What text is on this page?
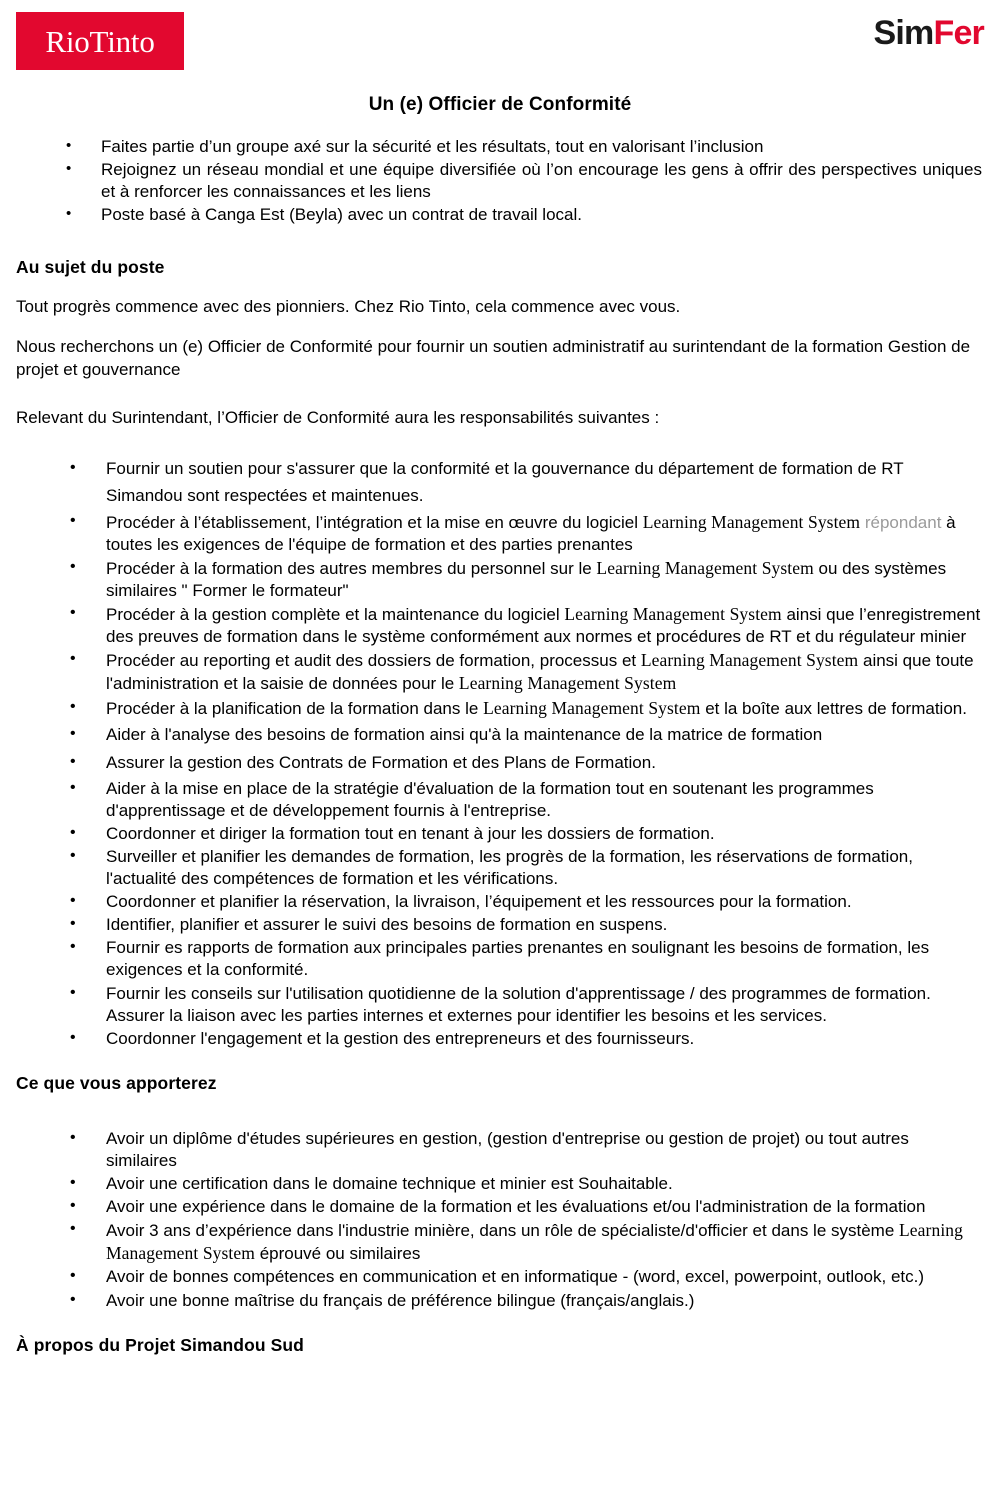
RioTinto	SimFer
Un (e) Officier de Conformité
• Faites partie d’un groupe axé sur la sécurité et les résultats, tout en valorisant l’inclusion
• Rejoignez un réseau mondial et une équipe diversifiée où l’on encourage les gens à offrir des perspectives uniques et à renforcer les connaissances et les liens
• Poste basé à Canga Est (Beyla) avec un contrat de travail local.
Au sujet du poste

Tout progrès commence avec des pionniers. Chez Rio Tinto, cela commence avec vous.

Nous recherchons un (e) Officier de Conformité pour fournir un soutien administratif au surintendant de la formation Gestion de projet et gouvernance

Relevant du Surintendant, l’Officier de Conformité aura les responsabilités suivantes :

• Fournir un soutien pour s'assurer que la conformité et la gouvernance du département de formation de RT Simandou sont respectées et maintenues.
• Procéder à l’établissement, l’intégration et la mise en œuvre du logiciel Learning Management System répondant à toutes les exigences de l'équipe de formation et des parties prenantes
• Procéder à la formation des autres membres du personnel sur le Learning Management System ou des systèmes similaires " Former le formateur"
• Procéder à la gestion complète et la maintenance du logiciel Learning Management System ainsi que l’enregistrement des preuves de formation dans le système conformément aux normes et procédures de RT et du régulateur minier
• Procéder au reporting et audit des dossiers de formation, processus et Learning Management System ainsi que toute l'administration et la saisie de données pour le Learning Management System
• Procéder à la planification de la formation dans le Learning Management System et la boîte aux lettres de formation.
• Aider à l'analyse des besoins de formation ainsi qu'à la maintenance de la matrice de formation
• Assurer la gestion des Contrats de Formation et des Plans de Formation.
• Aider à la mise en place de la stratégie d'évaluation de la formation tout en soutenant les programmes d'apprentissage et de développement fournis à l'entreprise.
• Coordonner et diriger la formation tout en tenant à jour les dossiers de formation.
• Surveiller et planifier les demandes de formation, les progrès de la formation, les réservations de formation, l'actualité des compétences de formation et les vérifications.
• Coordonner et planifier la réservation, la livraison, l’équipement et les ressources pour la formation.
• Identifier, planifier et assurer le suivi des besoins de formation en suspens.
• Fournir es rapports de formation aux principales parties prenantes en soulignant les besoins de formation, les exigences et la conformité.
• Fournir les conseils sur l'utilisation quotidienne de la solution d'apprentissage / des programmes de formation. Assurer la liaison avec les parties internes et externes pour identifier les besoins et les services.
• Coordonner l'engagement et la gestion des entrepreneurs et des fournisseurs.
Ce que vous apporterez
• Avoir un diplôme d'études supérieures en gestion, (gestion d'entreprise ou gestion de projet) ou tout autres similaires
• Avoir une certification dans le domaine technique et minier est Souhaitable.
• Avoir une expérience dans le domaine de la formation et les évaluations et/ou l'administration de la formation
• Avoir 3 ans d’expérience dans l'industrie minière, dans un rôle de spécialiste/d'officier et dans le système Learning Management System éprouvé ou similaires
• Avoir de bonnes compétences en communication et en informatique - (word, excel, powerpoint, outlook, etc.)
• Avoir une bonne maîtrise du français de préférence bilingue (français/anglais.)
À propos du Projet Simandou Sud
